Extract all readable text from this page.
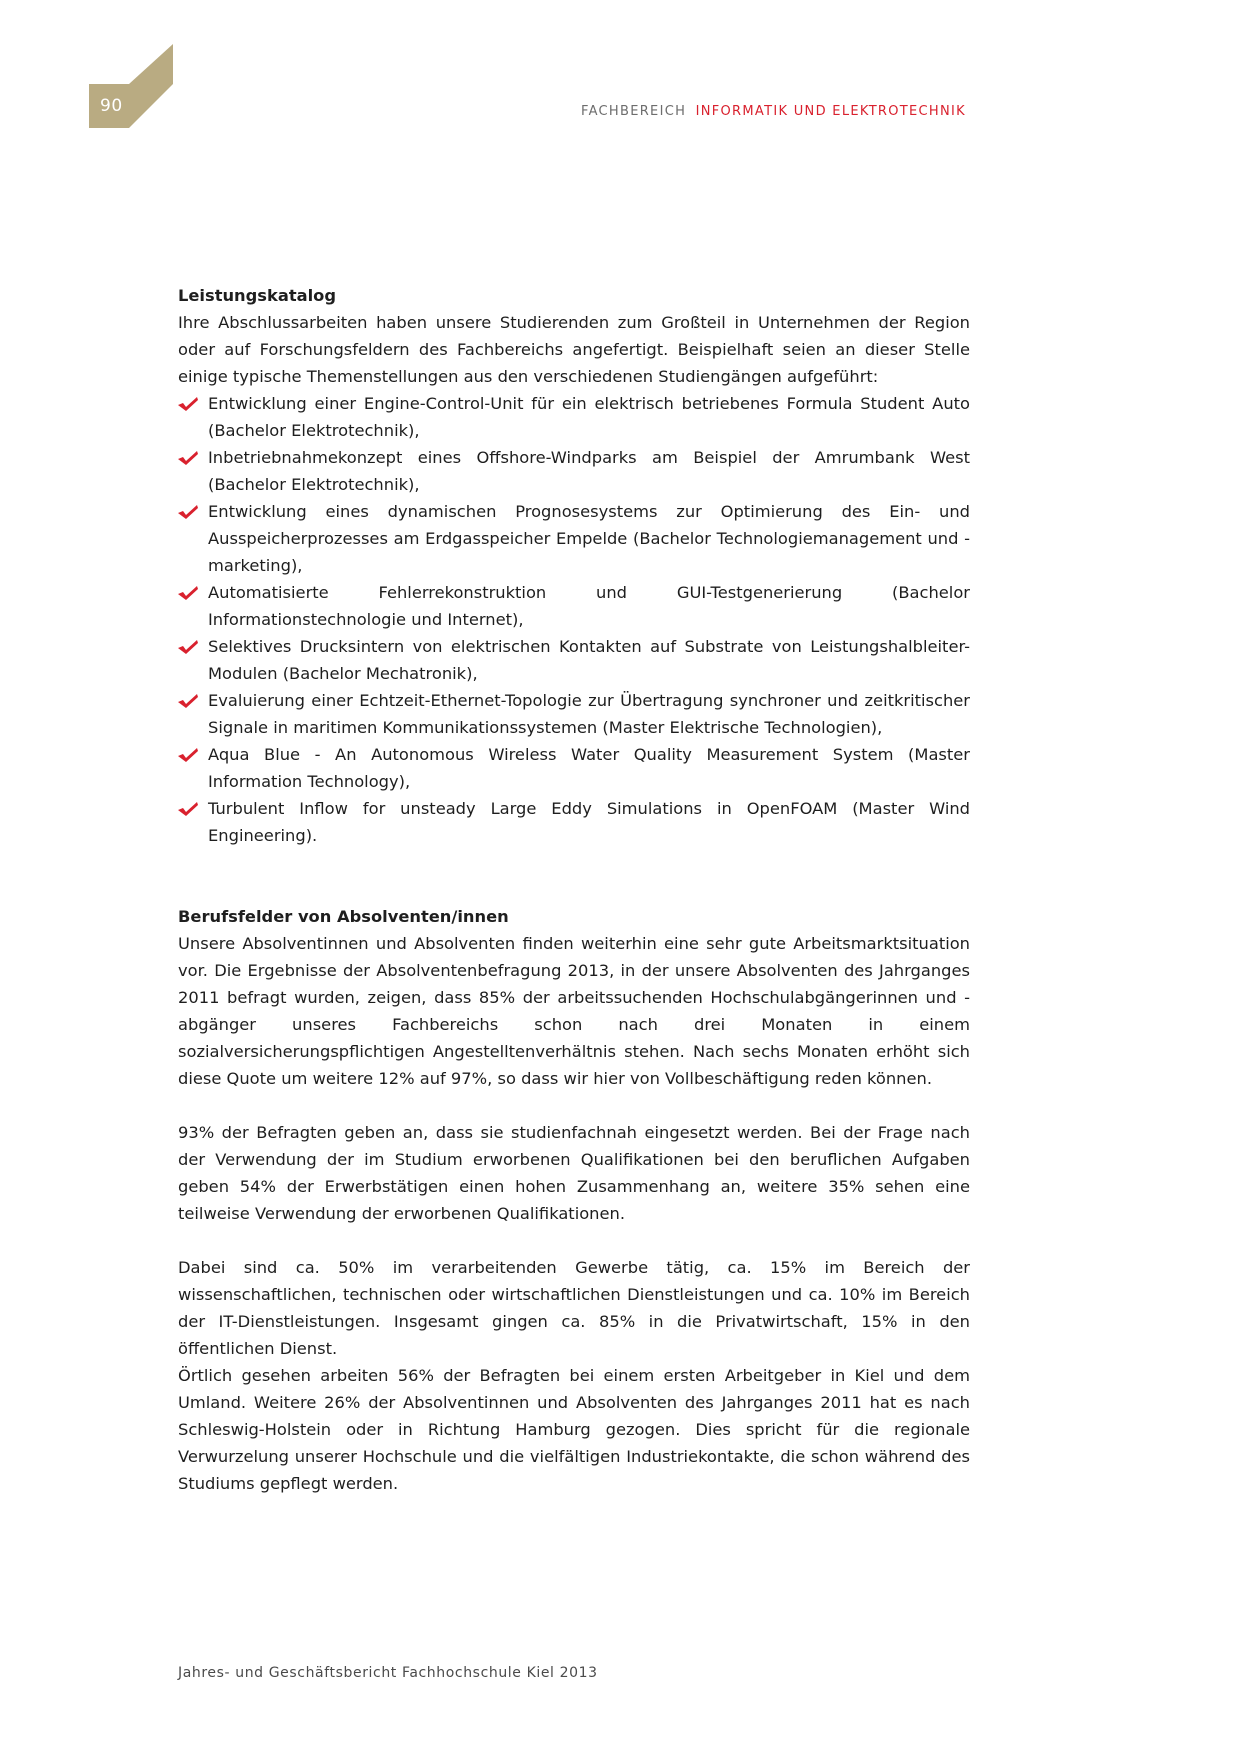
90	FACHBEREICH INFORMATIK UND ELEKTROTECHNIK

Leistungskatalog

Ihre Abschlussarbeiten haben unsere Studierenden zum Großteil in Unternehmen der Region oder auf Forschungsfeldern des Fachbereichs angefertigt. Beispielhaft seien an dieser Stelle einige typische Themenstellungen aus den verschiedenen Studiengängen aufgeführt:

Entwicklung einer Engine-Control-Unit für ein elektrisch betriebenes Formula Student Auto (Bachelor Elektrotechnik),
Inbetriebnahmekonzept eines Offshore-Windparks am Beispiel der Amrumbank West (Bachelor Elektrotechnik),
Entwicklung eines dynamischen Prognosesystems zur Optimierung des Ein- und Ausspeicherprozesses am Erdgasspeicher Empelde (Bachelor Technologiemanagement und -marketing),
Automatisierte Fehlerrekonstruktion und GUI-Testgenerierung (Bachelor Informationstechnologie und Internet),
Selektives Drucksintern von elektrischen Kontakten auf Substrate von Leistungshalbleiter-Modulen (Bachelor Mechatronik),
Evaluierung einer Echtzeit-Ethernet-Topologie zur Übertragung synchroner und zeitkritischer Signale in maritimen Kommunikationssystemen (Master Elektrische Technologien),
Aqua Blue - An Autonomous Wireless Water Quality Measurement System (Master Information Technology),
Turbulent Inflow for unsteady Large Eddy Simulations in OpenFOAM (Master Wind Engineering).

Berufsfelder von Absolventen/innen

Unsere Absolventinnen und Absolventen finden weiterhin eine sehr gute Arbeitsmarktsituation vor. Die Ergebnisse der Absolventenbefragung 2013, in der unsere Absolventen des Jahrganges 2011 befragt wurden, zeigen, dass 85% der arbeitssuchenden Hochschulabgängerinnen und -abgänger unseres Fachbereichs schon nach drei Monaten in einem sozialversicherungspflichtigen Angestelltenverhältnis stehen. Nach sechs Monaten erhöht sich diese Quote um weitere 12% auf 97%, so dass wir hier von Vollbeschäftigung reden können.

93% der Befragten geben an, dass sie studienfachnah eingesetzt werden. Bei der Frage nach der Verwendung der im Studium erworbenen Qualifikationen bei den beruflichen Aufgaben geben 54% der Erwerbstätigen einen hohen Zusammenhang an, weitere 35% sehen eine teilweise Verwendung der erworbenen Qualifikationen.

Dabei sind ca. 50% im verarbeitenden Gewerbe tätig, ca. 15% im Bereich der wissenschaftlichen, technischen oder wirtschaftlichen Dienstleistungen und ca. 10% im Bereich der IT-Dienstleistungen. Insgesamt gingen ca. 85% in die Privatwirtschaft, 15% in den öffentlichen Dienst.

Örtlich gesehen arbeiten 56% der Befragten bei einem ersten Arbeitgeber in Kiel und dem Umland. Weitere 26% der Absolventinnen und Absolventen des Jahrganges 2011 hat es nach Schleswig-Holstein oder in Richtung Hamburg gezogen. Dies spricht für die regionale Verwurzelung unserer Hochschule und die vielfältigen Industriekontakte, die schon während des Studiums gepflegt werden.

Jahres- und Geschäftsbericht Fachhochschule Kiel 2013
